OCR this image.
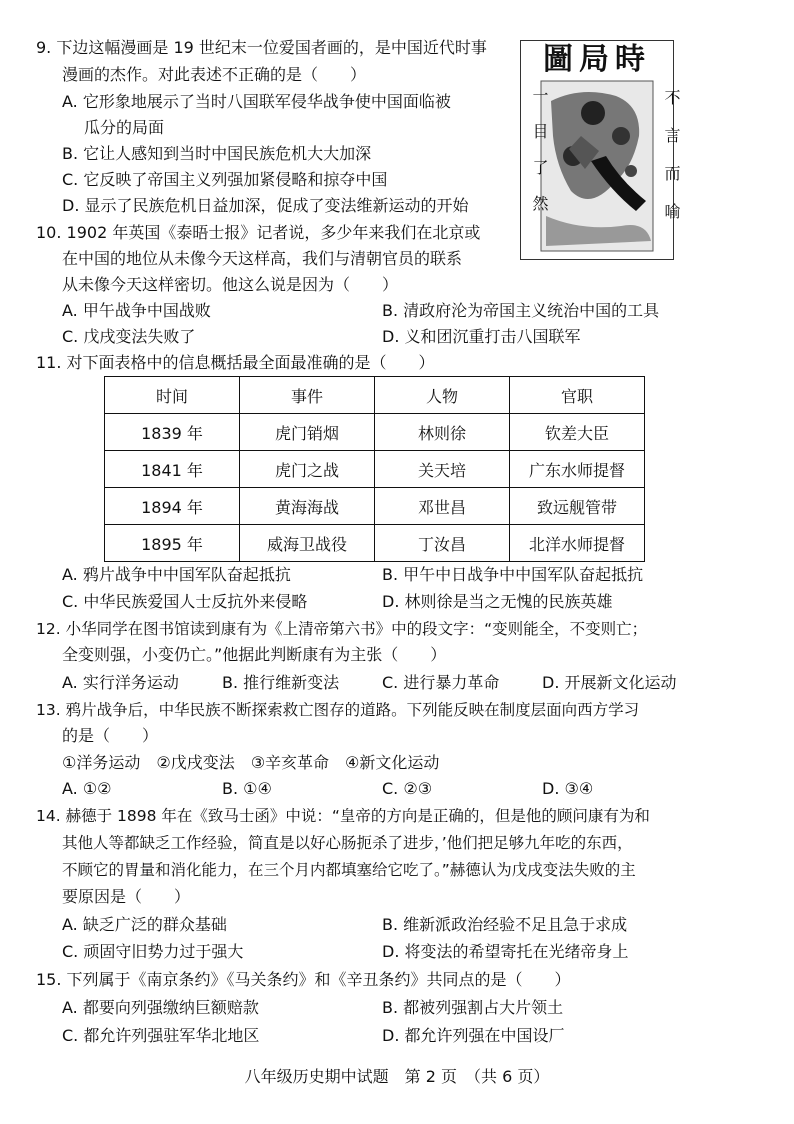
9. 下边这幅漫画是 19 世纪末一位爱国者画的，是中国近代时事
漫画的杰作。对此表述不正确的是（　　）
A. 它形象地展示了当时八国联军侵华战争使中国面临被
瓜分的局面
B. 它让人感知到当时中国民族危机大大加深
C. 它反映了帝国主义列强加紧侵略和掠夺中国
D. 显示了民族危机日益加深，促成了变法维新运动的开始
圖局時
一目了然	不言而喻
10. 1902 年英国《泰晤士报》记者说，多少年来我们在北京或
在中国的地位从未像今天这样高，我们与清朝官员的联系
从未像今天这样密切。他这么说是因为（　　）
A. 甲午战争中国战败	B. 清政府沦为帝国主义统治中国的工具
C. 戊戌变法失败了	D. 义和团沉重打击八国联军
11. 对下面表格中的信息概括最全面最准确的是（　　）
时间	事件	人物	官职
1839 年	虎门销烟	林则徐	钦差大臣
1841 年	虎门之战	关天培	广东水师提督
1894 年	黄海海战	邓世昌	致远舰管带
1895 年	威海卫战役	丁汝昌	北洋水师提督
A. 鸦片战争中中国军队奋起抵抗	B. 甲午中日战争中中国军队奋起抵抗
C. 中华民族爱国人士反抗外来侵略	D. 林则徐是当之无愧的民族英雄
12. 小华同学在图书馆读到康有为《上清帝第六书》中的段文字：“变则能全，不变则亡；
全变则强，小变仍亡。”他据此判断康有为主张（　　）
A. 实行洋务运动	B. 推行维新变法	C. 进行暴力革命	D. 开展新文化运动
13. 鸦片战争后，中华民族不断探索救亡图存的道路。下列能反映在制度层面向西方学习
的是（　　）
①洋务运动　②戊戌变法　③辛亥革命　④新文化运动
A. ①②	B. ①④	C. ②③	D. ③④
14. 赫德于 1898 年在《致马士函》中说：“皇帝的方向是正确的，但是他的顾问康有为和
其他人等都缺乏工作经验，简直是以好心肠扼杀了进步，’他们把足够九年吃的东西，
不顾它的胃量和消化能力，在三个月内都填塞给它吃了。”赫德认为戊戌变法失败的主
要原因是（　　）
A. 缺乏广泛的群众基础	B. 维新派政治经验不足且急于求成
C. 顽固守旧势力过于强大	D. 将变法的希望寄托在光绪帝身上
15. 下列属于《南京条约》《马关条约》和《辛丑条约》共同点的是（　　）
A. 都要向列强缴纳巨额赔款	B. 都被列强割占大片领土
C. 都允许列强驻军华北地区	D. 都允许列强在中国设厂
八年级历史期中试题　第 2 页　（共 6 页）
